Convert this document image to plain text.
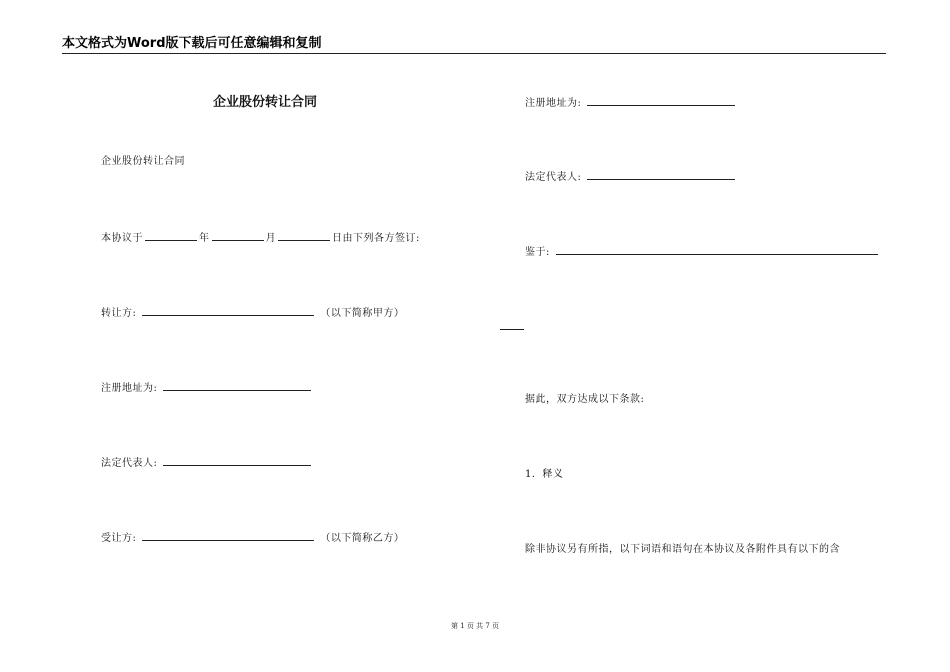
本文格式为Word版下载后可任意编辑和复制
企业股份转让合同
企业股份转让合同
本协议于	年	月	日由下列各方签订:
转让方:	（以下简称甲方）
注册地址为:
法定代表人:
受让方:	（以下简称乙方）
注册地址为:
法定代表人:
鉴于:
据此，双方达成以下条款:
1．释义
除非协议另有所指，以下词语和语句在本协议及各附件具有以下的含
第 1 页 共 7 页
